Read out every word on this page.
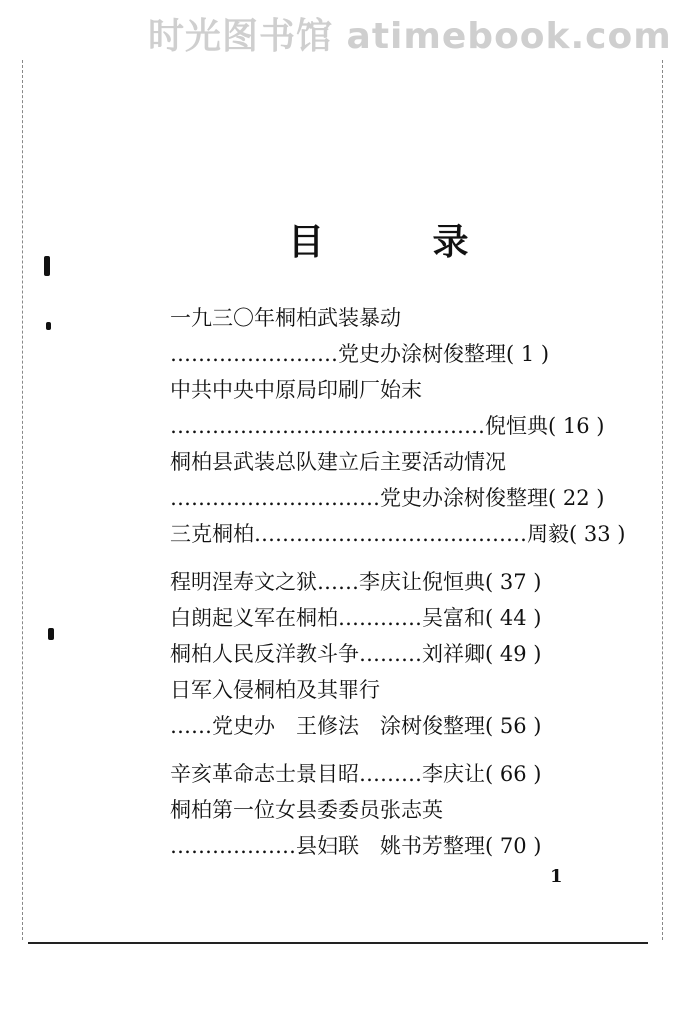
时光图书馆 atimebook.com
目 录
一九三〇年桐柏武装暴动
…………………… 党史办涂树俊整理 ( 1 )
中共中央中原局印刷厂始末
……………………………………… 倪恒典 ( 16 )
桐柏县武装总队建立后主要活动情况
………………………… 党史办涂树俊整理 ( 22 )
三克桐柏 ………………………………… 周毅 ( 33 )
程明涅寿文之狱 …… 李庆让倪恒典 ( 37 )
白朗起义军在桐柏 ………… 吴富和 ( 44 )
桐柏人民反洋教斗争 ……… 刘祥卿 ( 49 )
日军入侵桐柏及其罪行
…… 党史办　王修法　涂树俊整理 ( 56 )
辛亥革命志士景目昭 ……… 李庆让 ( 66 )
桐柏第一位女县委委员张志英
……………… 县妇联　姚书芳整理 ( 70 )
1
